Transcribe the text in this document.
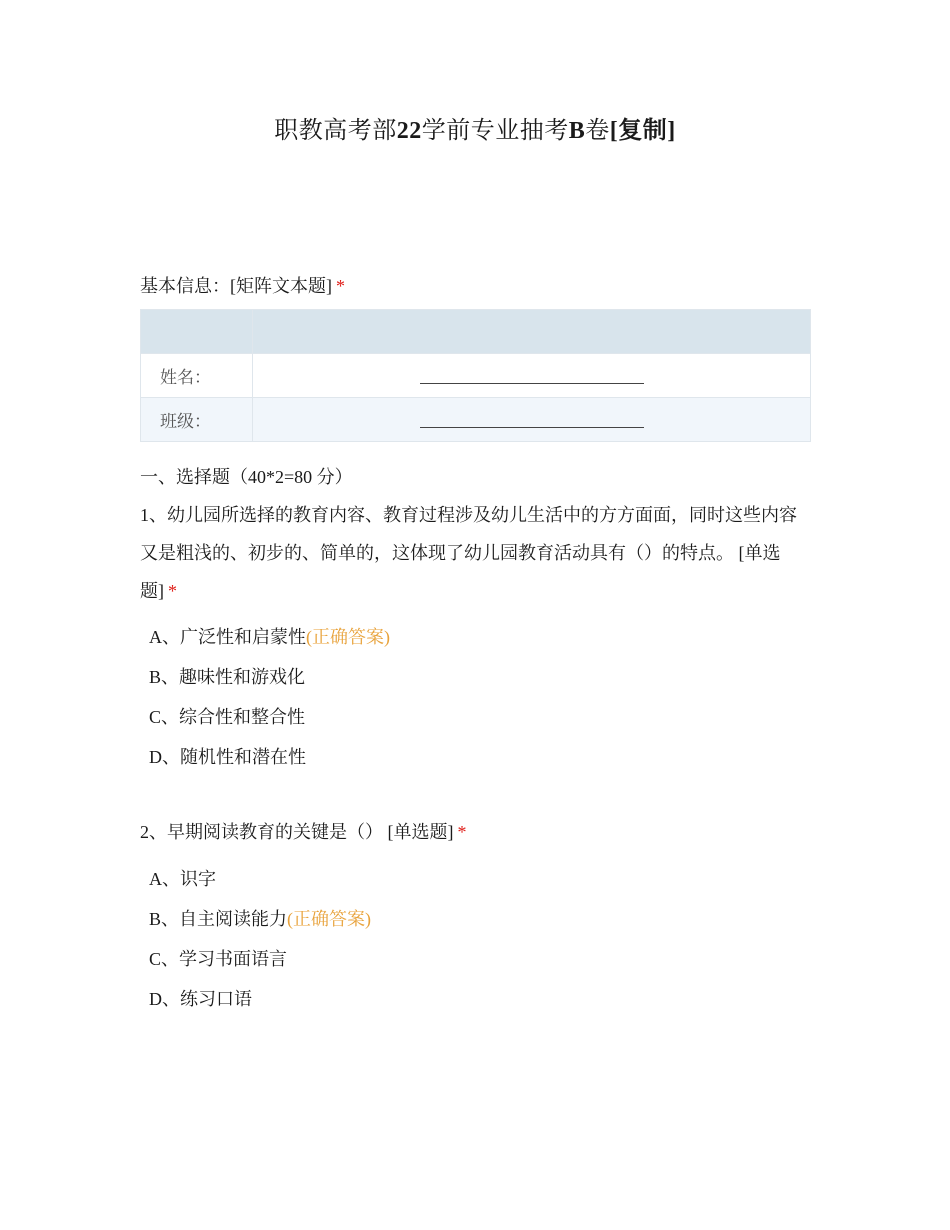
职教高考部22学前专业抽考B卷[复制]
基本信息：[矩阵文本题] *

姓名：	
班级：	
一、选择题（40*2=80 分）
1、幼儿园所选择的教育内容、教育过程涉及幼儿生活中的方方面面，同时这些内容又是粗浅的、初步的、简单的，这体现了幼儿园教育活动具有（）的特点。 [单选题] *
A、广泛性和启蒙性(正确答案)
B、趣味性和游戏化
C、综合性和整合性
D、随机性和潜在性
2、早期阅读教育的关键是（） [单选题] *
A、识字
B、自主阅读能力(正确答案)
C、学习书面语言
D、练习口语
